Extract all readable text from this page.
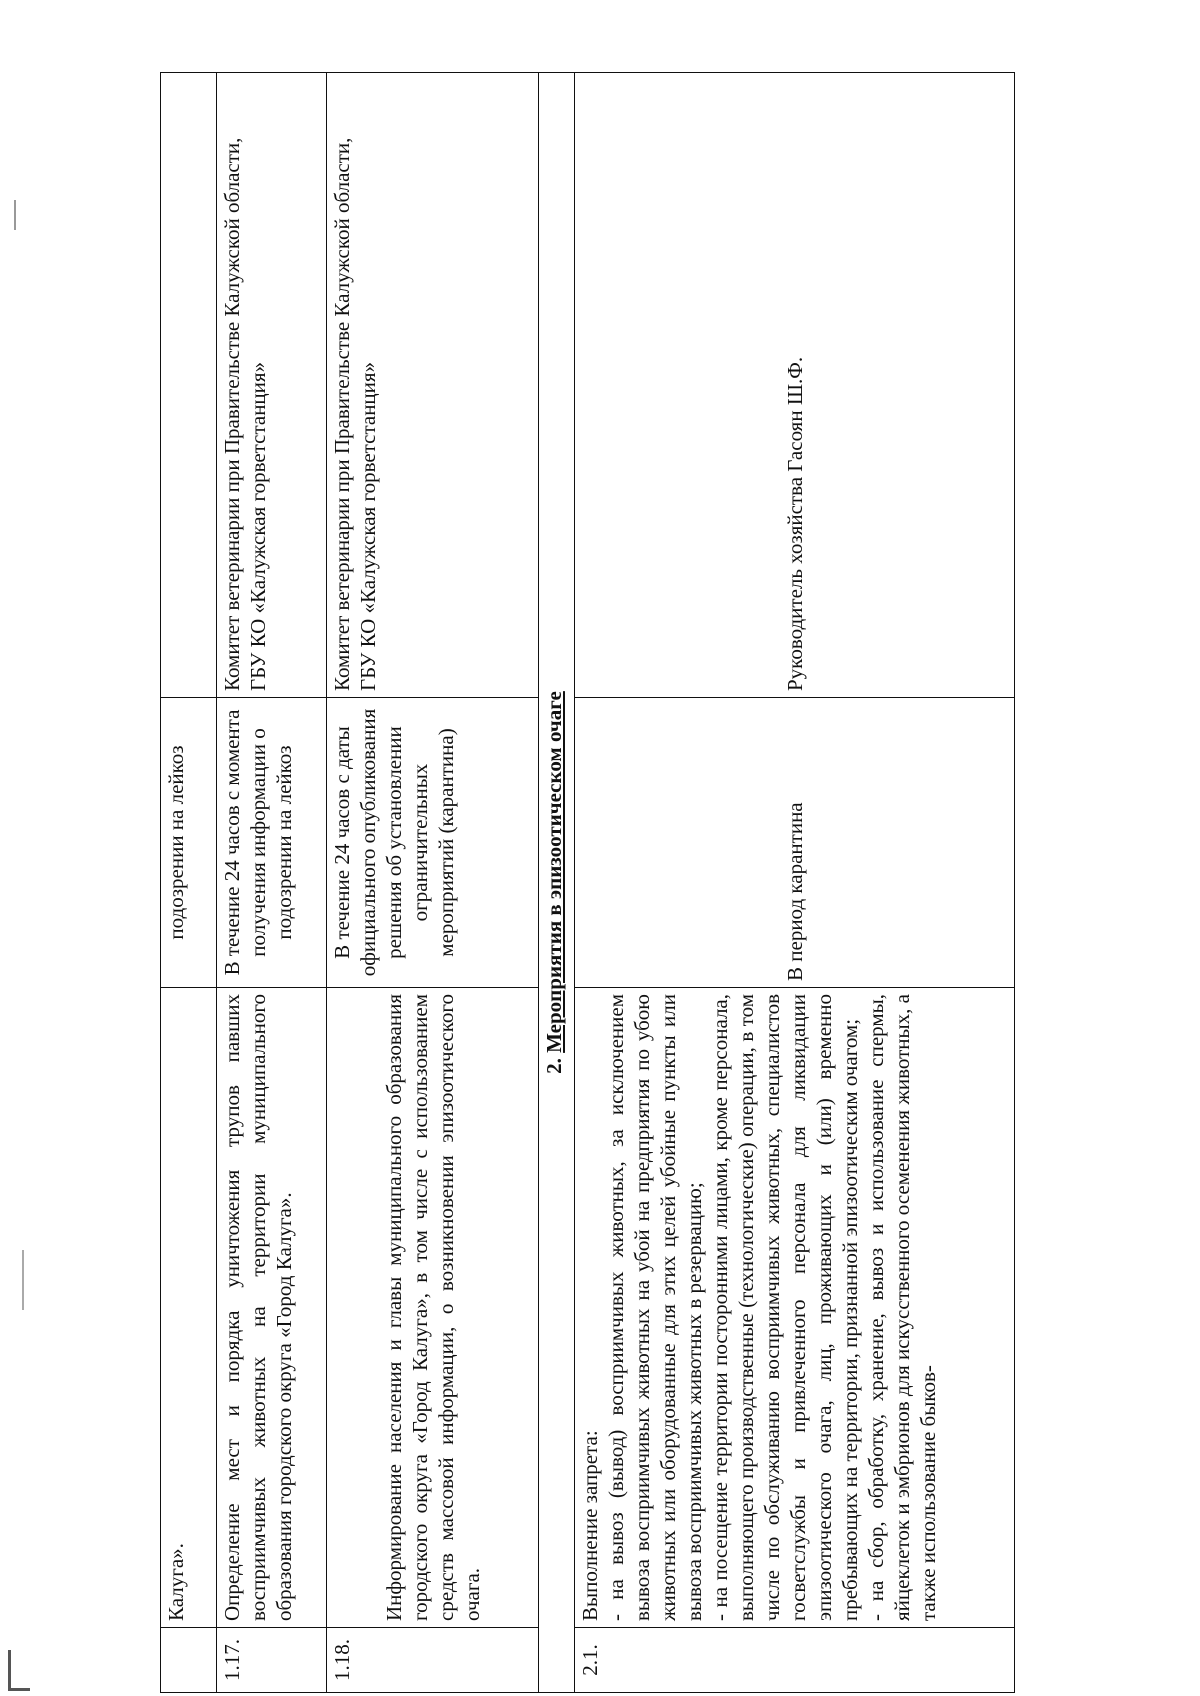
	Калуга».	подозрении на лейкоз	
1.17.	Определение мест и порядка уничтожения трупов павших восприимчивых животных на территории муниципального образования городского округа «Город Калуга».	В течение 24 часов с момента получения информации о подозрении на лейкоз	Комитет ветеринарии при Правительстве Калужской области, ГБУ КО «Калужская горветстанция»

1.18.	Информирование населения и главы муниципального образования городского округа «Город Калуга», в том числе с использованием средств массовой информации, о возникновении эпизоотического очага.	В течение 24 часов с даты официального опубликования решения об установлении ограничительных мероприятий (карантина)	Комитет ветеринарии при Правительстве Калужской области, ГБУ КО «Калужская горветстанция»

2. Мероприятия в эпизоотическом очаге			
2.1.	Выполнение запрета: - на вывоз (вывод) восприимчивых животных, за исключением вывоза восприимчивых животных на убой на предприятия по убою животных или оборудованные для этих целей убойные пункты или вывоза восприимчивых животных в резервацию; - на посещение территории посторонними лицами, кроме персонала, выполняющего производственные (технологические) операции, в том числе по обслуживанию восприимчивых животных, специалистов госветслужбы и привлеченного персонала для ликвидации эпизоотического очага, лиц, проживающих и (или) временно пребывающих на территории, признанной эпизоотическим очагом; - на сбор, обработку, хранение, вывоз и использование спермы, яйцеклеток и эмбрионов для искусственного осеменения животных, а также использование быков-	В период карантина	Руководитель хозяйства Гасоян Ш.Ф.
